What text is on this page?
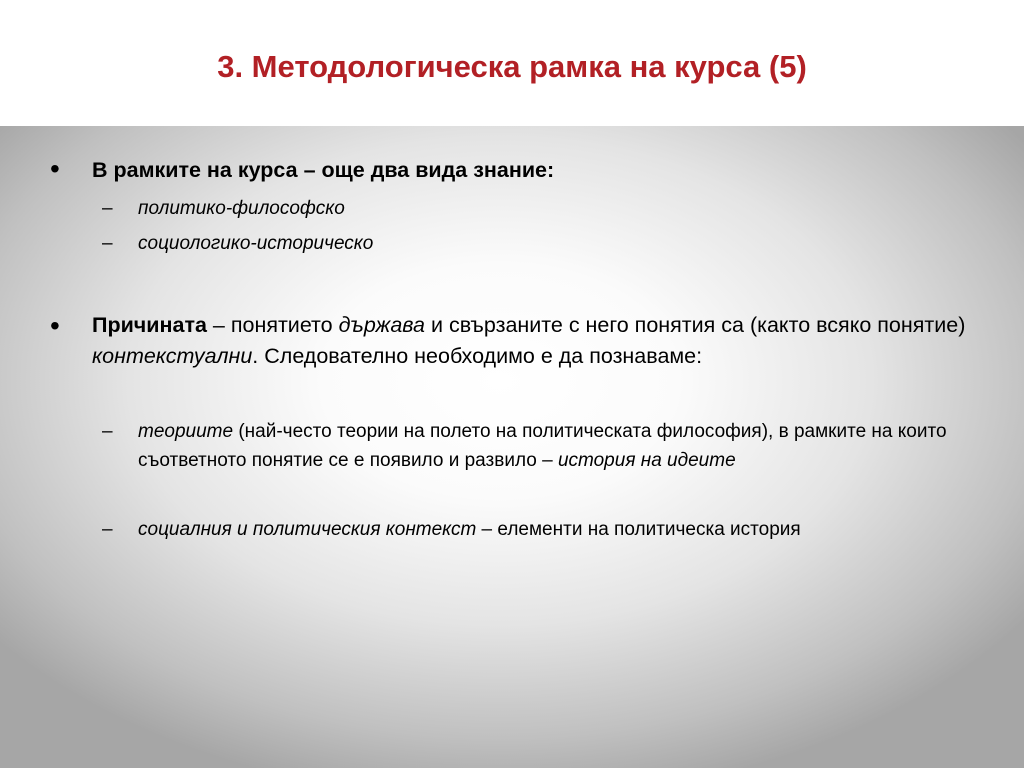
3. Методологическа рамка на курса (5)
• В рамките на курса – още два вида знание:
– политико-философско
– социологико-историческо
• Причината – понятието държава и свързаните с него понятия са (както всяко понятие) контекстуални. Следователно необходимо е да познаваме:
– теориите (най-често теории на полето на политическата философия), в рамките на които съответното понятие се е появило и развило – история на идеите
– социалния и политическия контекст – елементи на политическа история
